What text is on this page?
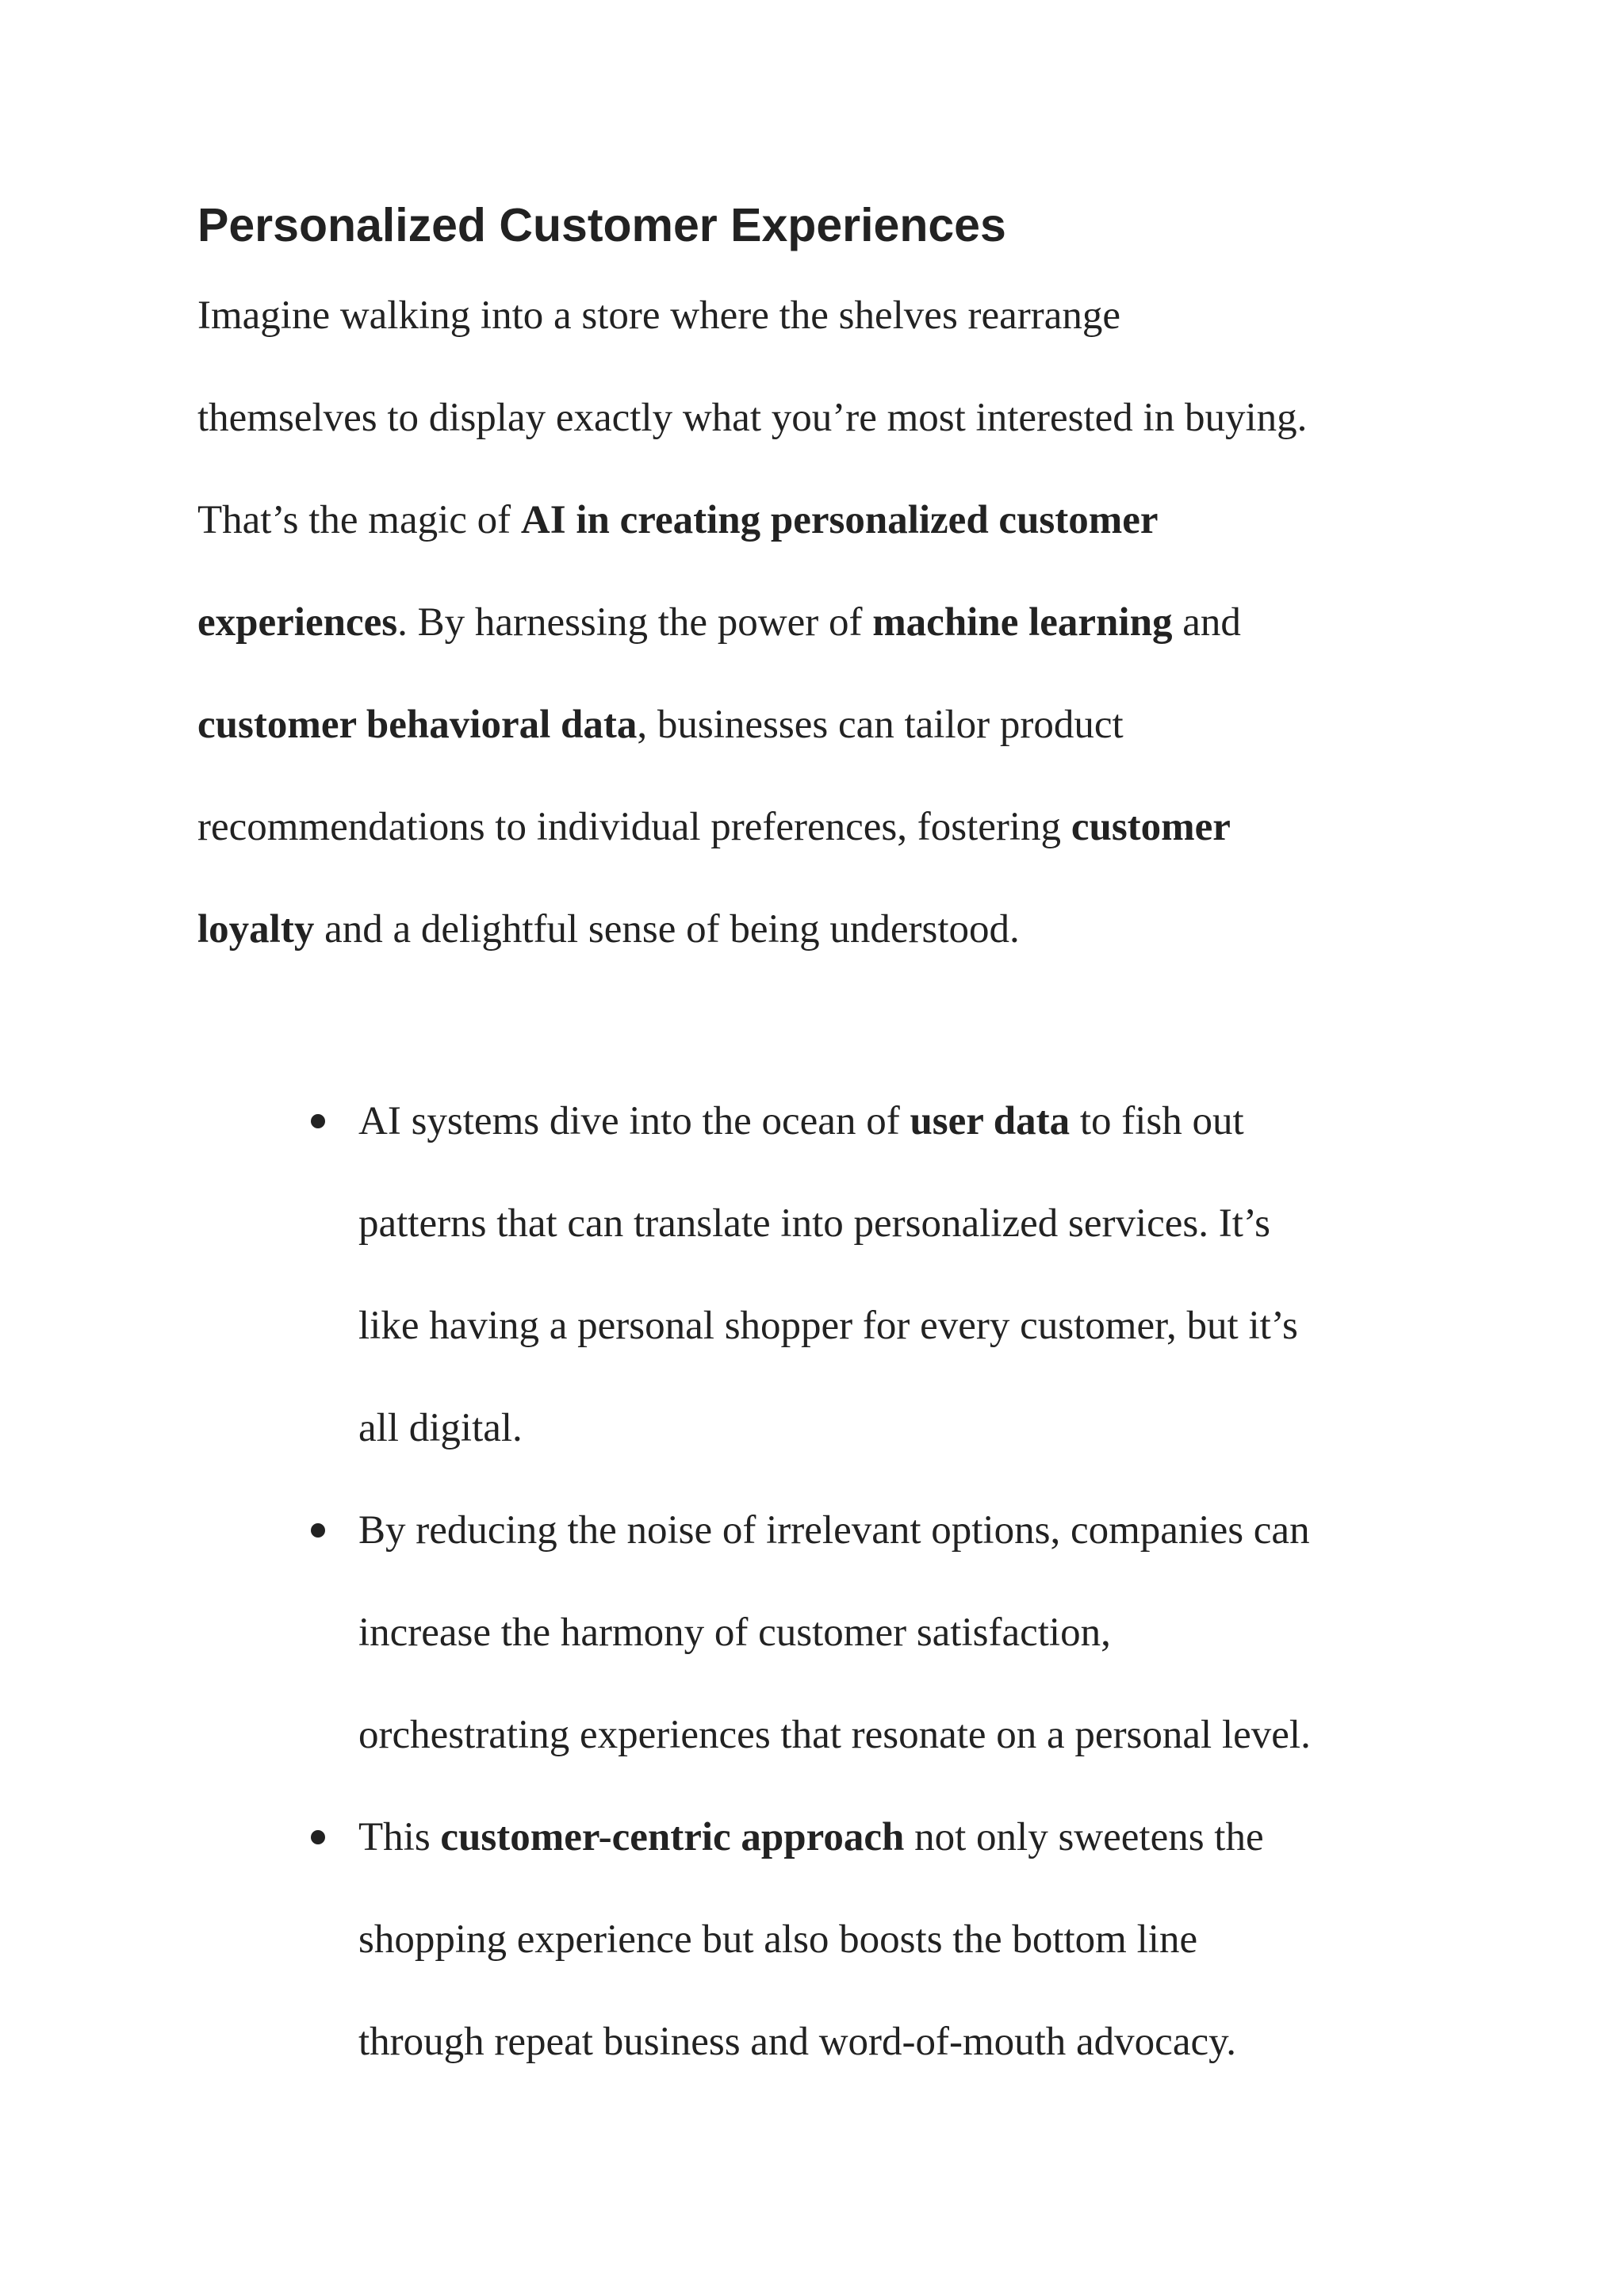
Personalized Customer Experiences

Imagine walking into a store where the shelves rearrange

themselves to display exactly what you’re most interested in buying.

That’s the magic of AI in creating personalized customer

experiences. By harnessing the power of machine learning and

customer behavioral data, businesses can tailor product

recommendations to individual preferences, fostering customer

loyalty and a delightful sense of being understood.

AI systems dive into the ocean of user data to fish out

patterns that can translate into personalized services. It’s

like having a personal shopper for every customer, but it’s

all digital.

By reducing the noise of irrelevant options, companies can

increase the harmony of customer satisfaction,

orchestrating experiences that resonate on a personal level.

This customer-centric approach not only sweetens the

shopping experience but also boosts the bottom line

through repeat business and word-of-mouth advocacy.
